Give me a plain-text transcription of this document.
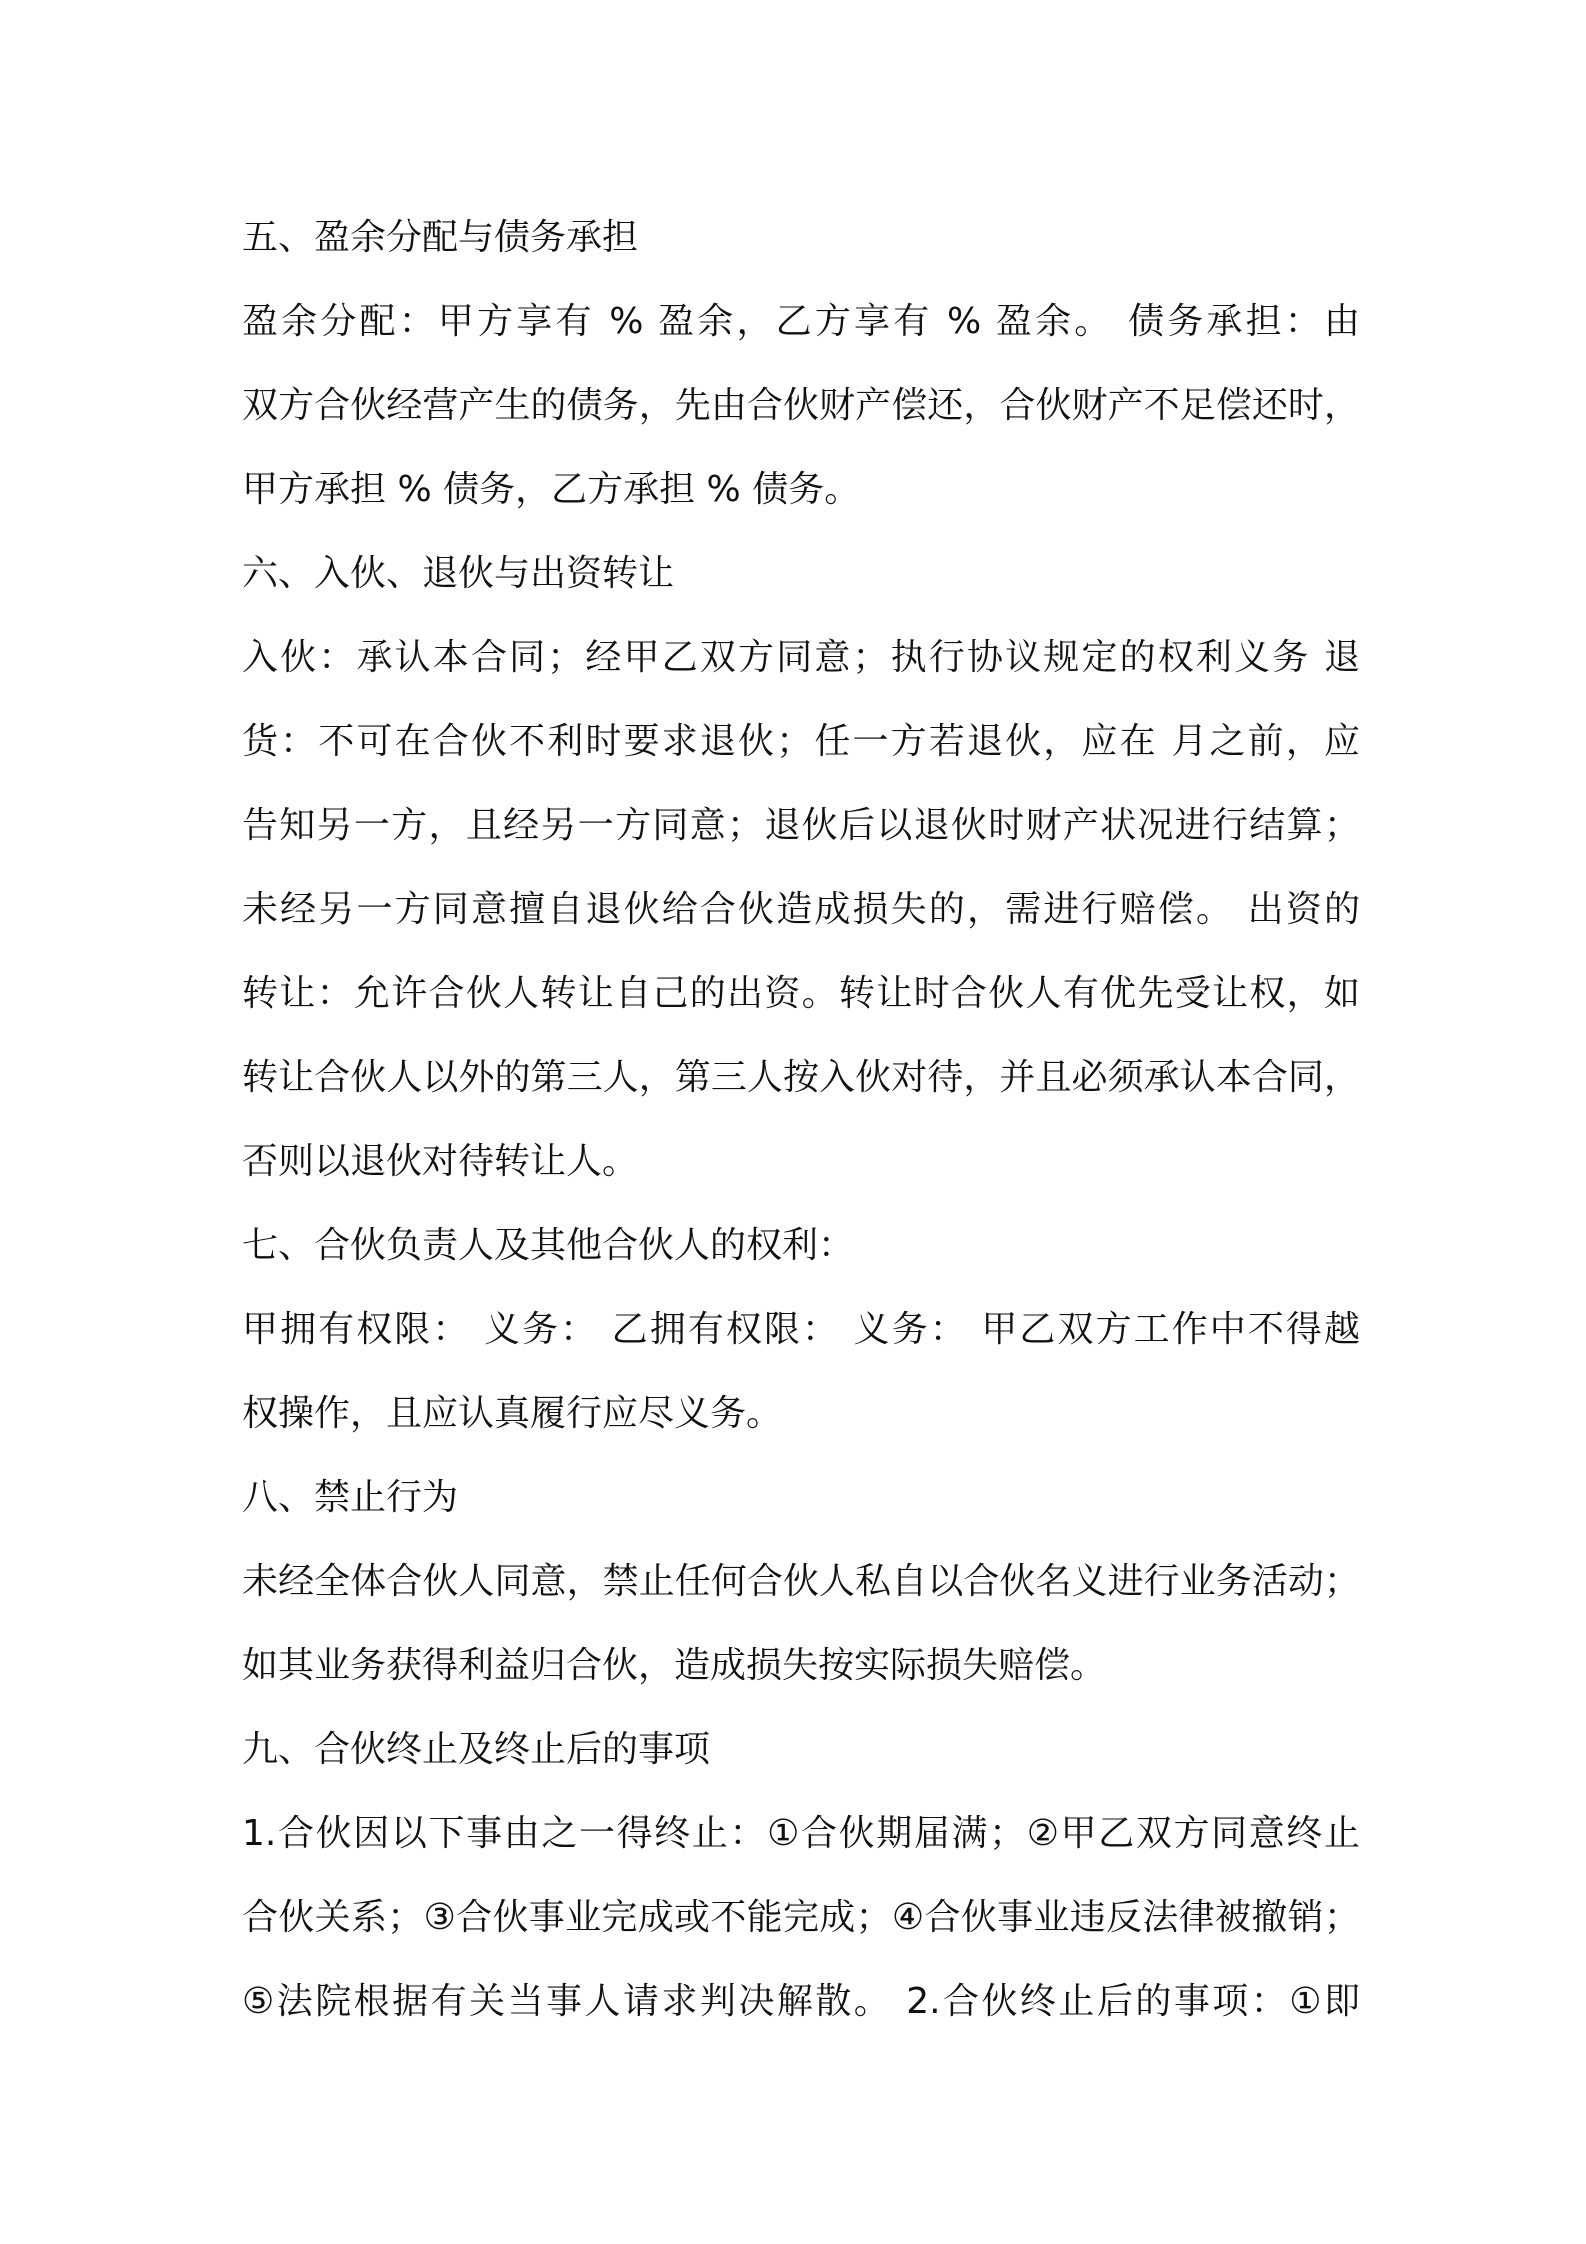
五、盈余分配与债务承担
盈余分配：甲方享有 % 盈余，乙方享有 % 盈余。 债务承担：由
双方合伙经营产生的债务，先由合伙财产偿还，合伙财产不足偿还时，
甲方承担 % 债务，乙方承担 % 债务。
六、入伙、退伙与出资转让
入伙：承认本合同；经甲乙双方同意；执行协议规定的权利义务 退
货：不可在合伙不利时要求退伙；任一方若退伙，应在 月之前，应
告知另一方，且经另一方同意；退伙后以退伙时财产状况进行结算；
未经另一方同意擅自退伙给合伙造成损失的，需进行赔偿。 出资的
转让：允许合伙人转让自己的出资。转让时合伙人有优先受让权，如
转让合伙人以外的第三人，第三人按入伙对待，并且必须承认本合同，
否则以退伙对待转让人。
七、合伙负责人及其他合伙人的权利：
甲拥有权限： 义务： 乙拥有权限： 义务： 甲乙双方工作中不得越
权操作，且应认真履行应尽义务。
八、禁止行为
未经全体合伙人同意，禁止任何合伙人私自以合伙名义进行业务活动；
如其业务获得利益归合伙，造成损失按实际损失赔偿。
九、合伙终止及终止后的事项
1.合伙因以下事由之一得终止：①合伙期届满；②甲乙双方同意终止
合伙关系；③合伙事业完成或不能完成；④合伙事业违反法律被撤销；
⑤法院根据有关当事人请求判决解散。 2.合伙终止后的事项：①即
